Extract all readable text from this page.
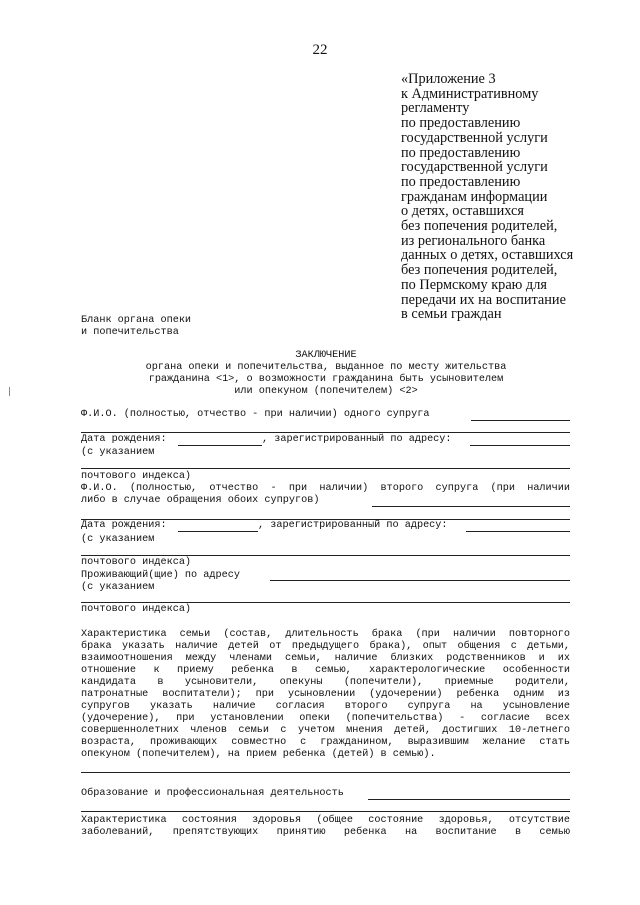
22
«Приложение 3
к Административному
регламенту
по предоставлению
государственной услуги
по предоставлению
государственной услуги
по предоставлению
гражданам информации
о детях, оставшихся
без попечения родителей,
из регионального банка
данных о детях, оставшихся
без попечения родителей,
по Пермскому краю для
передачи их на воспитание
в семьи граждан
Бланк органа опеки
и попечительства
ЗАКЛЮЧЕНИЕ
органа опеки и попечительства, выданное по месту жительства
гражданина <1>, о возможности гражданина быть усыновителем
или опекуном (попечителем) <2>
Ф.И.О. (полностью, отчество - при наличии) одного супруга
Дата рождения:	, зарегистрированный по адресу:
(с указанием
почтового индекса)
Ф.И.О. (полностью, отчество - при наличии) второго супруга (при наличии
либо в случае обращения обоих супругов)
Дата рождения:	, зарегистрированный по адресу:
(с указанием
почтового индекса)
Проживающий(щие) по адресу
(с указанием
почтового индекса)
Характеристика семьи (состав, длительность брака (при наличии повторного
брака указать наличие детей от предыдущего брака), опыт общения с детьми,
взаимоотношения между членами семьи, наличие близких родственников и их
отношение к приему ребенка в семью, характерологические особенности
кандидата в усыновители, опекуны (попечители), приемные родители,
патронатные воспитатели); при усыновлении (удочерении) ребенка одним из
супругов указать наличие согласия второго супруга на усыновление
(удочерение), при установлении опеки (попечительства) - согласие всех
совершеннолетних членов семьи с учетом мнения детей, достигших 10-летнего
возраста, проживающих совместно с гражданином, выразившим желание стать
опекуном (попечителем), на прием ребенка (детей) в семью).
Образование и профессиональная деятельность
Характеристика состояния здоровья (общее состояние здоровья, отсутствие
заболеваний, препятствующих принятию ребенка на воспитание в семью
